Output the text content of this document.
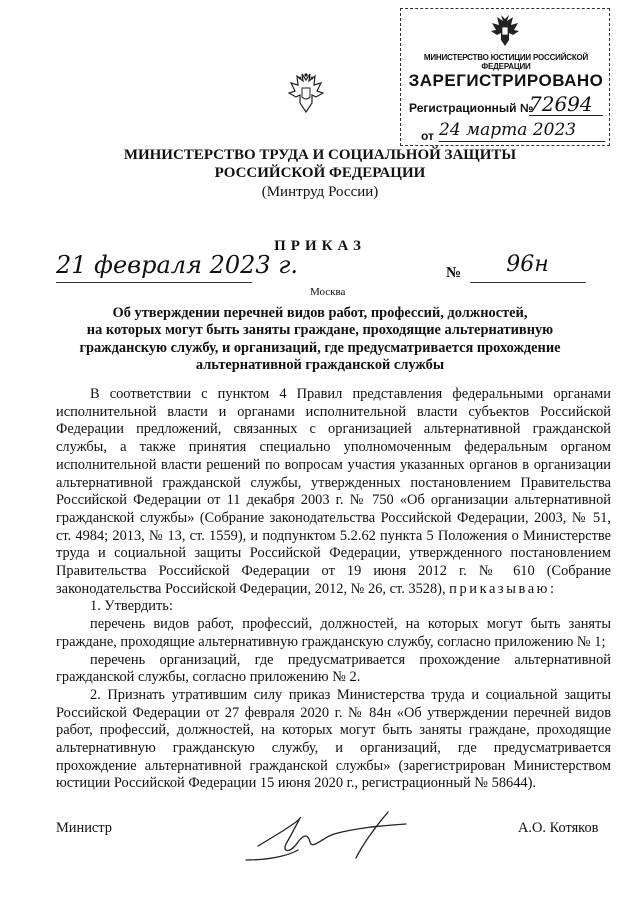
МИНИСТЕРСТВО ЮСТИЦИИ РОССИЙСКОЙ ФЕДЕРАЦИИ
ЗАРЕГИСТРИРОВАНО
Регистрационный №
72694
от 24 марта 2023
МИНИСТЕРСТВО ТРУДА И СОЦИАЛЬНОЙ ЗАЩИТЫ
РОССИЙСКОЙ ФЕДЕРАЦИИ
(Минтруд России)
ПРИКАЗ
21 февраля 2023 г.
Москва
№	96н
Об утверждении перечней видов работ, профессий, должностей,
на которых могут быть заняты граждане, проходящие альтернативную
гражданскую службу, и организаций, где предусматривается прохождение
альтернативной гражданской службы

В соответствии с пунктом 4 Правил представления федеральными органами исполнительной власти и органами исполнительной власти субъектов Российской Федерации предложений, связанных с организацией альтернативной гражданской службы, а также принятия специально уполномоченным федеральным органом исполнительной власти решений по вопросам участия указанных органов в организации альтернативной гражданской службы, утвержденных постановлением Правительства Российской Федерации от 11 декабря 2003 г. № 750 «Об организации альтернативной гражданской службы» (Собрание законодательства Российской Федерации, 2003, № 51, ст. 4984; 2013, № 13, ст. 1559), и подпунктом 5.2.62 пункта 5 Положения о Министерстве труда и социальной защиты Российской Федерации, утвержденного постановлением Правительства Российской Федерации от 19 июня 2012 г. № 610 (Собрание законодательства Российской Федерации, 2012, № 26, ст. 3528), приказываю:

1. Утвердить:

перечень видов работ, профессий, должностей, на которых могут быть заняты граждане, проходящие альтернативную гражданскую службу, согласно приложению № 1;

перечень организаций, где предусматривается прохождение альтернативной гражданской службы, согласно приложению № 2.

2. Признать утратившим силу приказ Министерства труда и социальной защиты Российской Федерации от 27 февраля 2020 г. № 84н «Об утверждении перечней видов работ, профессий, должностей, на которых могут быть заняты граждане, проходящие альтернативную гражданскую службу, и организаций, где предусматривается прохождение альтернативной гражданской службы» (зарегистрирован Министерством юстиции Российской Федерации 15 июня 2020 г., регистрационный № 58644).

Министр	А.О. Котяков
